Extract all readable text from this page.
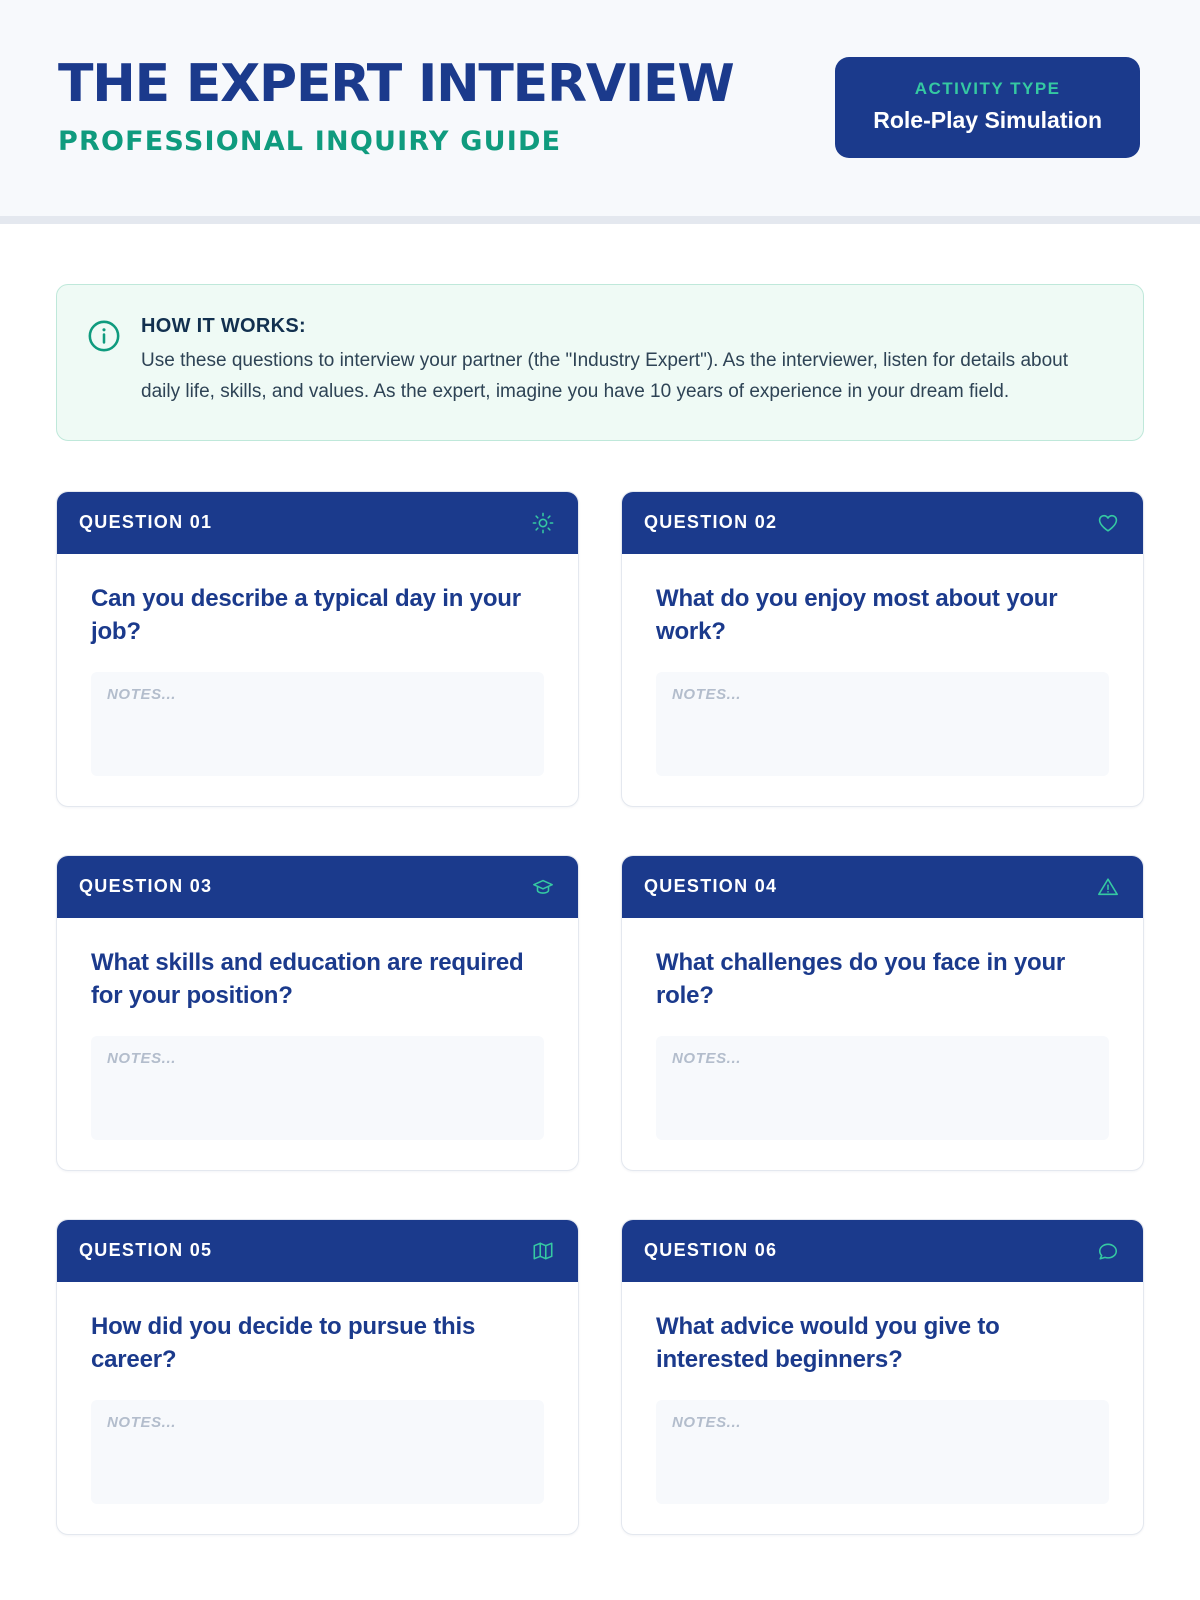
THE EXPERT INTERVIEW
PROFESSIONAL INQUIRY GUIDE
ACTIVITY TYPE
Role-Play Simulation
HOW IT WORKS:
Use these questions to interview your partner (the "Industry Expert"). As the interviewer, listen for details about daily life, skills, and values. As the expert, imagine you have 10 years of experience in your dream field.
QUESTION 01
Can you describe a typical day in your job?
NOTES...
QUESTION 02
What do you enjoy most about your work?
NOTES...
QUESTION 03
What skills and education are required for your position?
NOTES...
QUESTION 04
What challenges do you face in your role?
NOTES...
QUESTION 05
How did you decide to pursue this career?
NOTES...
QUESTION 06
What advice would you give to interested beginners?
NOTES...
